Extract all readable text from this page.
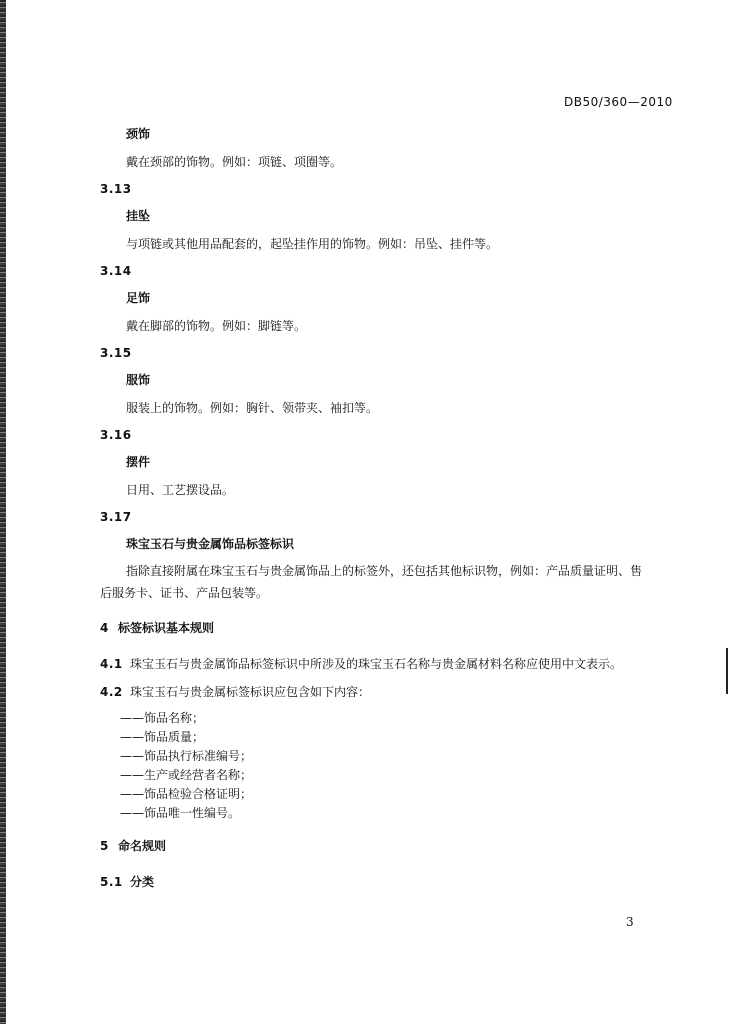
DB50/360—2010
颈饰
戴在颈部的饰物。例如：项链、项圈等。
3.13
挂坠
与项链或其他用品配套的，起坠挂作用的饰物。例如：吊坠、挂件等。
3.14
足饰
戴在脚部的饰物。例如：脚链等。
3.15
服饰
服装上的饰物。例如：胸针、领带夹、袖扣等。
3.16
摆件
日用、工艺摆设品。
3.17
珠宝玉石与贵金属饰品标签标识
指除直接附属在珠宝玉石与贵金属饰品上的标签外，还包括其他标识物，例如：产品质量证明、售后服务卡、证书、产品包装等。
4 标签标识基本规则
4.1 珠宝玉石与贵金属饰品标签标识中所涉及的珠宝玉石名称与贵金属材料名称应使用中文表示。
4.2 珠宝玉石与贵金属标签标识应包含如下内容：
——饰品名称；
——饰品质量；
——饰品执行标准编号；
——生产或经营者名称；
——饰品检验合格证明；
——饰品唯一性编号。
5 命名规则
5.1 分类
3
